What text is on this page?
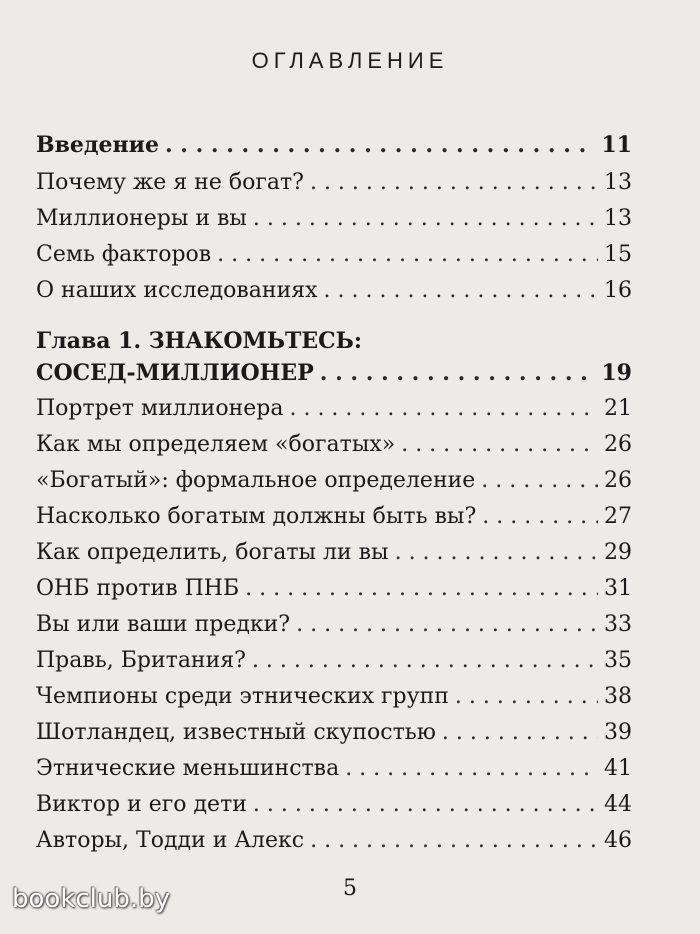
ОГЛАВЛЕНИЕ
Введение . . .	11
Почему же я не богат? . . .	13
Миллионеры и вы . . .	13
Семь факторов . . .	15
О наших исследованиях . . .	16
Глава 1. ЗНАКОМЬТЕСЬ:
СОСЕД-МИЛЛИОНЕР . . .	19
Портрет миллионера . . .	21
Как мы определяем «богатых» . . .	26
«Богатый»: формальное определение . . .	26
Насколько богатым должны быть вы? . . .	27
Как определить, богаты ли вы . . .	29
ОНБ против ПНБ . . .	31
Вы или ваши предки? . . .	33
Правь, Британия? . . .	35
Чемпионы среди этнических групп . . .	38
Шотландец, известный скупостью . . .	39
Этнические меньшинства . . .	41
Виктор и его дети . . .	44
Авторы, Тодди и Алекс . . .	46
5
bookclub.by
